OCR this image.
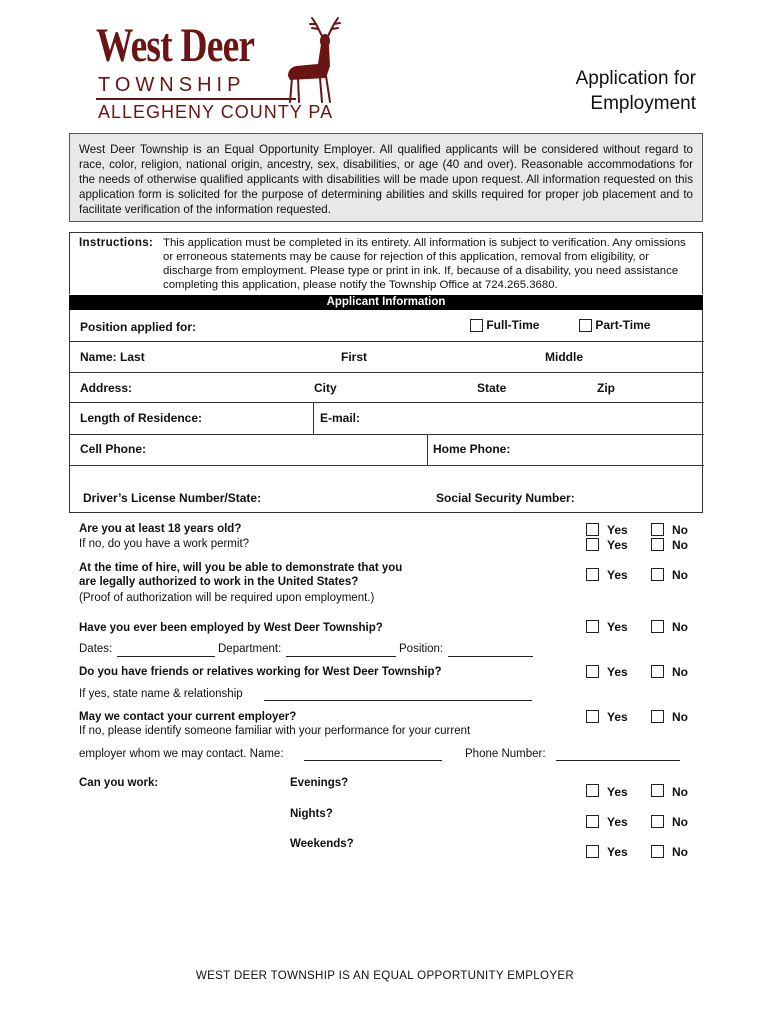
West Deer
TOWNSHIP
ALLEGHENY COUNTY PA
Application for
Employment
West Deer Township is an Equal Opportunity Employer. All qualified applicants will be considered without regard to race, color, religion, national origin, ancestry, sex, disabilities, or age (40 and over). Reasonable accommodations for the needs of otherwise qualified applicants with disabilities will be made upon request. All information requested on this application form is solicited for the purpose of determining abilities and skills required for proper job placement and to facilitate verification of the information requested.
Instructions: This application must be completed in its entirety. All information is subject to verification. Any omissions or erroneous statements may be cause for rejection of this application, removal from eligibility, or discharge from employment. Please type or print in ink. If, because of a disability, you need assistance completing this application, please notify the Township Office at 724.265.3680.
Applicant Information
Position applied for:	Full-Time	Part-Time
Name: Last	First	Middle
Address:	City	State	Zip
Length of Residence:	E-mail:
Cell Phone:	Home Phone:
Driver’s License Number/State:	Social Security Number:
Are you at least 18 years old?
If no, do you have a work permit?
Yes	No
Yes	No
At the time of hire, will you be able to demonstrate that you
are legally authorized to work in the United States?
(Proof of authorization will be required upon employment.)
Yes	No
Have you ever been employed by West Deer Township?	Yes	No
Dates:	Department:	Position:
Do you have friends or relatives working for West Deer Township?	Yes	No
If yes, state name & relationship
May we contact your current employer?
If no, please identify someone familiar with your performance for your current
Yes	No
employer whom we may contact. Name:	Phone Number:
Can you work:	Evenings?
Nights?
Weekends?
Yes	No
Yes	No
Yes	No
WEST DEER TOWNSHIP IS AN EQUAL OPPORTUNITY EMPLOYER
